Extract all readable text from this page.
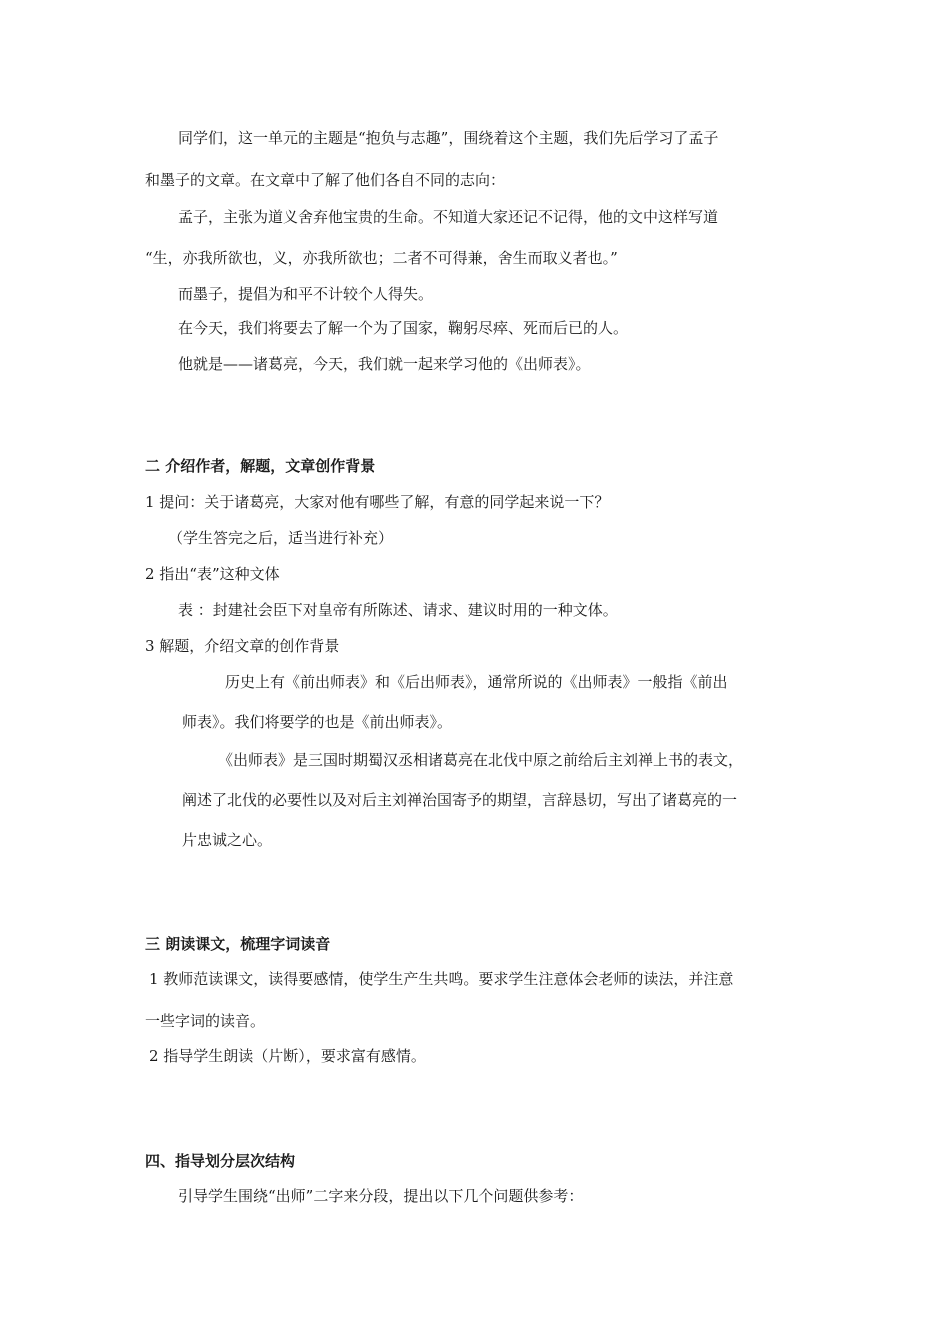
同学们，这一单元的主题是“抱负与志趣”，围绕着这个主题，我们先后学习了孟子
和墨子的文章。在文章中了解了他们各自不同的志向：
孟子，主张为道义舍弃他宝贵的生命。不知道大家还记不记得，他的文中这样写道
“生，亦我所欲也，义，亦我所欲也；二者不可得兼，舍生而取义者也。”
而墨子，提倡为和平不计较个人得失。
在今天，我们将要去了解一个为了国家，鞠躬尽瘁、死而后已的人。
他就是——诸葛亮，今天，我们就一起来学习他的《出师表》。
二 介绍作者，解题，文章创作背景
1 提问：关于诸葛亮，大家对他有哪些了解，有意的同学起来说一下？
（学生答完之后，适当进行补充）
2 指出“表”这种文体
表 ：封建社会臣下对皇帝有所陈述、请求、建议时用的一种文体。
3 解题，介绍文章的创作背景
历史上有《前出师表》和《后出师表》，通常所说的《出师表》一般指《前出
师表》。我们将要学的也是《前出师表》。
《出师表》是三国时期蜀汉丞相诸葛亮在北伐中原之前给后主刘禅上书的表文，
阐述了北伐的必要性以及对后主刘禅治国寄予的期望，言辞恳切，写出了诸葛亮的一
片忠诚之心。
三 朗读课文，梳理字词读音
1 教师范读课文，读得要感情，使学生产生共鸣。要求学生注意体会老师的读法，并注意
一些字词的读音。
2 指导学生朗读（片断），要求富有感情。
四、指导划分层次结构
引导学生围绕“出师”二字来分段，提出以下几个问题供参考：
